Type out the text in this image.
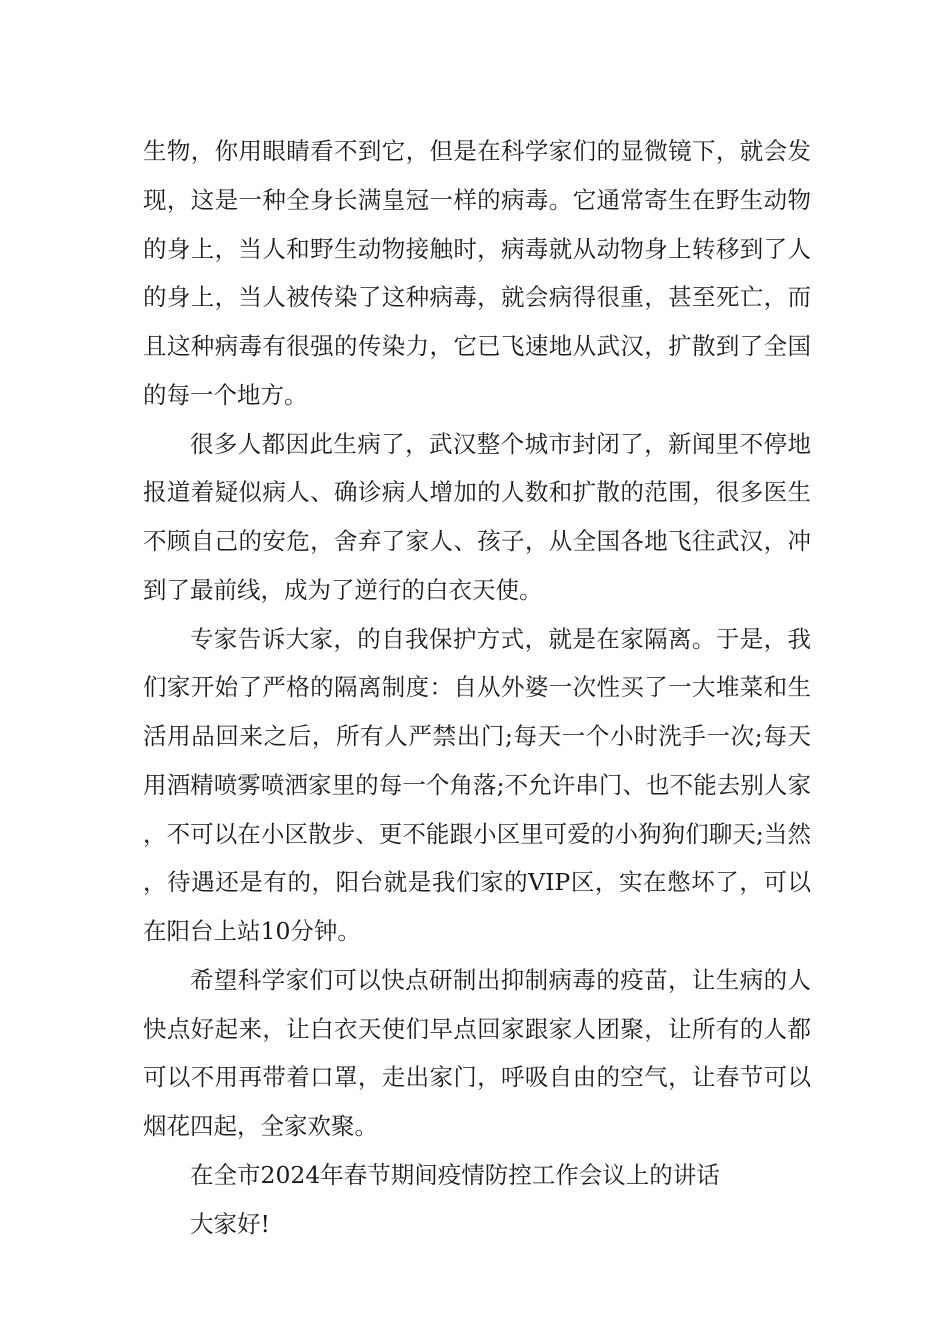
生物，你用眼睛看不到它，但是在科学家们的显微镜下，就会发现，这是一种全身长满皇冠一样的病毒。它通常寄生在野生动物的身上，当人和野生动物接触时，病毒就从动物身上转移到了人的身上，当人被传染了这种病毒，就会病得很重，甚至死亡，而且这种病毒有很强的传染力，它已飞速地从武汉，扩散到了全国的每一个地方。

很多人都因此生病了，武汉整个城市封闭了，新闻里不停地报道着疑似病人、确诊病人增加的人数和扩散的范围，很多医生不顾自己的安危，舍弃了家人、孩子，从全国各地飞往武汉，冲到了最前线，成为了逆行的白衣天使。

专家告诉大家，的自我保护方式，就是在家隔离。于是，我们家开始了严格的隔离制度：自从外婆一次性买了一大堆菜和生活用品回来之后，所有人严禁出门;每天一个小时洗手一次;每天用酒精喷雾喷洒家里的每一个角落;不允许串门、也不能去别人家，不可以在小区散步、更不能跟小区里可爱的小狗狗们聊天;当然，待遇还是有的，阳台就是我们家的VIP区，实在憋坏了，可以在阳台上站10分钟。

希望科学家们可以快点研制出抑制病毒的疫苗，让生病的人快点好起来，让白衣天使们早点回家跟家人团聚，让所有的人都可以不用再带着口罩，走出家门，呼吸自由的空气，让春节可以烟花四起，全家欢聚。

在全市2024年春节期间疫情防控工作会议上的讲话

大家好!
